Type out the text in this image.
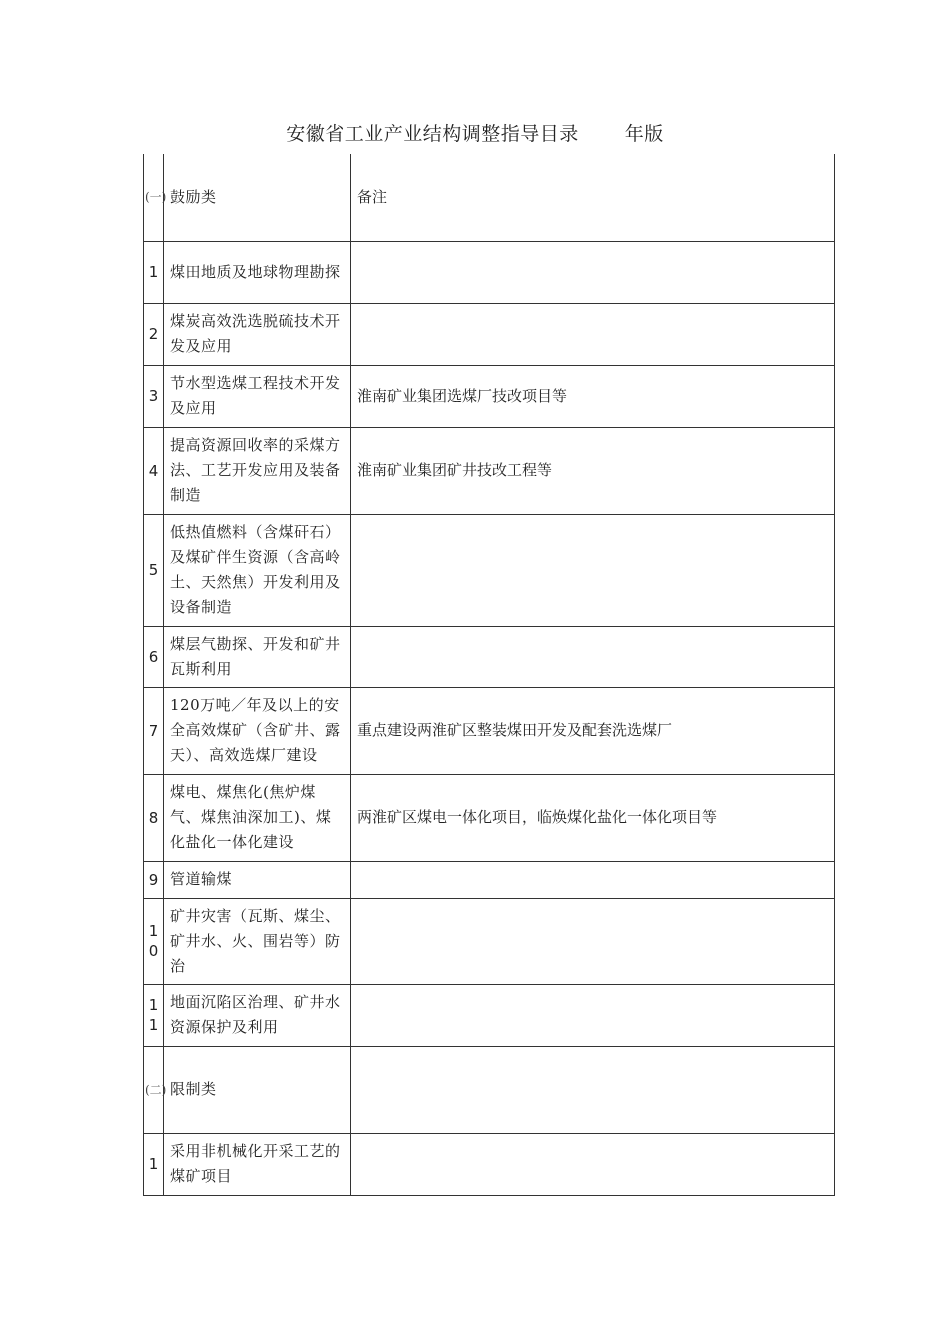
安徽省工业产业结构调整指导目录 年版
(一)	鼓励类	备注
1	煤田地质及地球物理勘探	
2	煤炭高效洗选脱硫技术开发及应用	
3	节水型选煤工程技术开发及应用	淮南矿业集团选煤厂技改项目等
4	提高资源回收率的采煤方法、工艺开发应用及装备制造	淮南矿业集团矿井技改工程等
5	低热值燃料（含煤矸石）及煤矿伴生资源（含高岭土、天然焦）开发利用及设备制造	
6	煤层气勘探、开发和矿井瓦斯利用	
7	120万吨／年及以上的安全高效煤矿（含矿井、露天）、高效选煤厂建设	重点建设两淮矿区整装煤田开发及配套洗选煤厂
8	煤电、煤焦化(焦炉煤气、煤焦油深加工)、煤化盐化一体化建设	两淮矿区煤电一体化项目，临焕煤化盐化一体化项目等
9	管道输煤	
10	矿井灾害（瓦斯、煤尘、矿井水、火、围岩等）防治	
11	地面沉陷区治理、矿井水资源保护及利用	
(二)	限制类	
1	采用非机械化开采工艺的煤矿项目	
